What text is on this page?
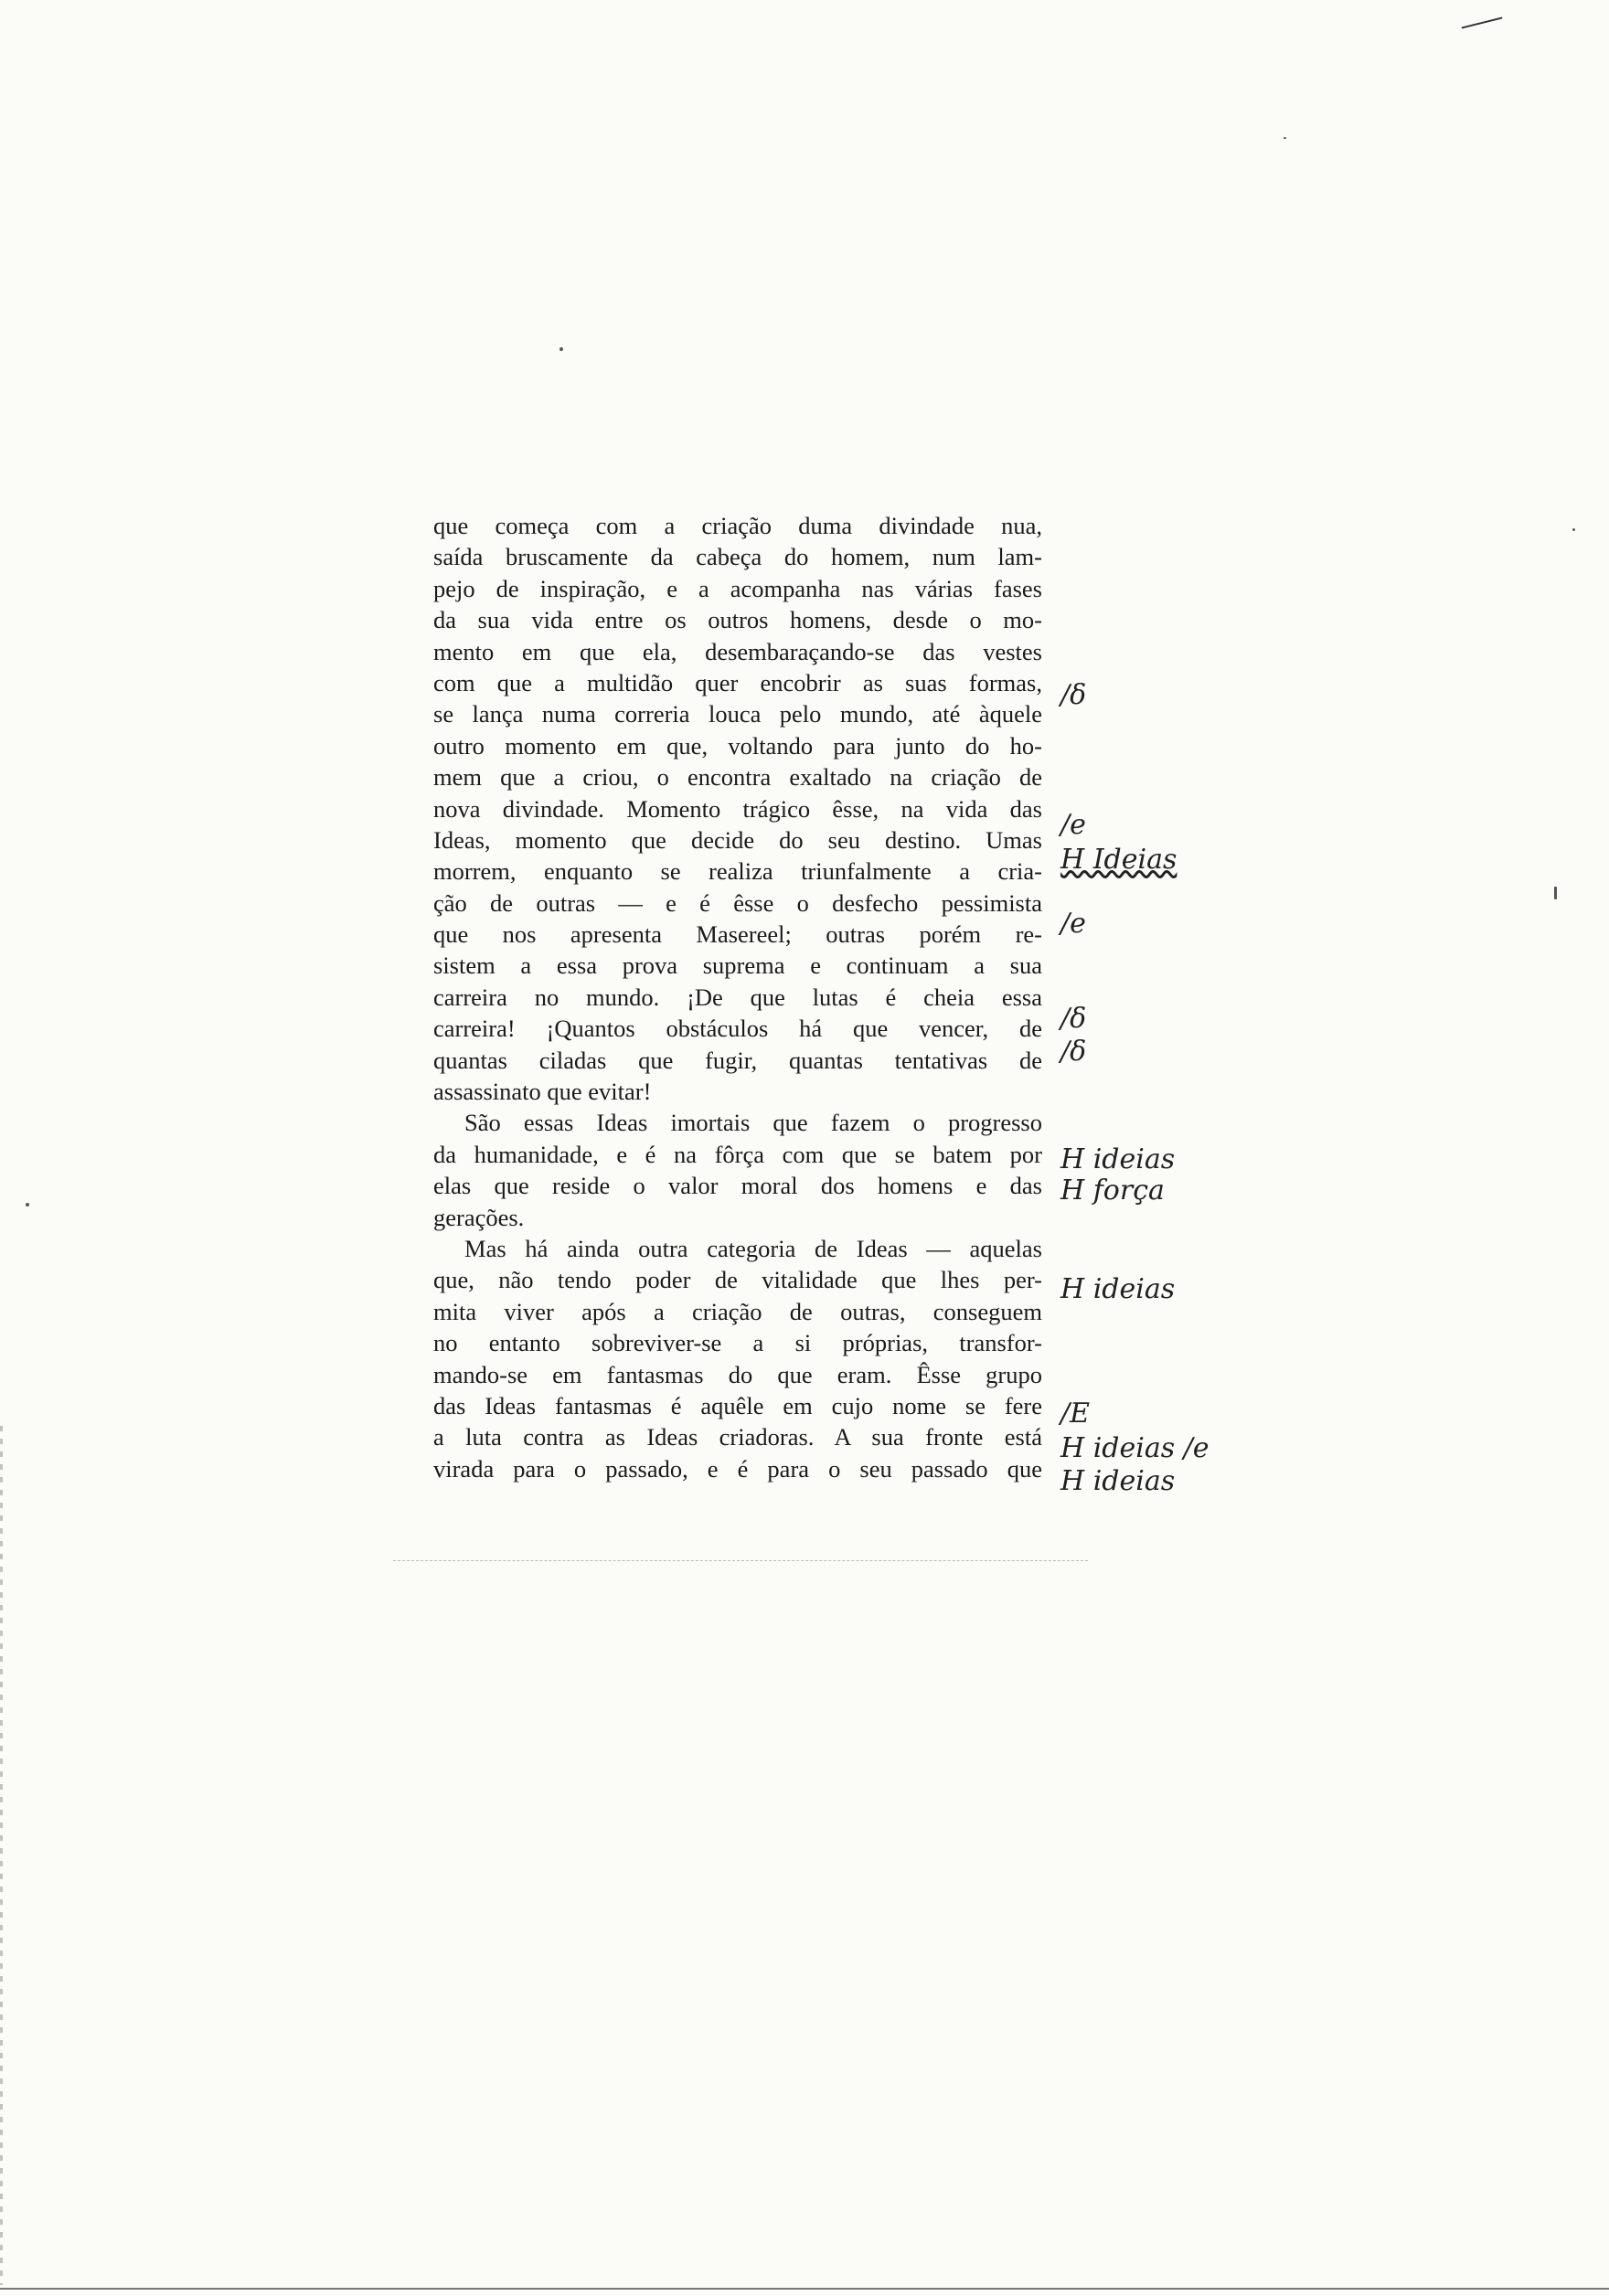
que começa com a criação duma divindade nua,
saída bruscamente da cabeça do homem, num lam-
pejo de inspiração, e a acompanha nas várias fases
da sua vida entre os outros homens, desde o mo-
mento em que ela, desembaraçando-se das vestes
com que a multidão quer encobrir as suas formas,
se lança numa correria louca pelo mundo, até àquele
outro momento em que, voltando para junto do ho-
mem que a criou, o encontra exaltado na criação de
nova divindade. Momento trágico êsse, na vida das
Ideas, momento que decide do seu destino. Umas
morrem, enquanto se realiza triunfalmente a cria-
ção de outras — e é êsse o desfecho pessimista
que nos apresenta Masereel; outras porém re-
sistem a essa prova suprema e continuam a sua
carreira no mundo. ¡De que lutas é cheia essa
carreira! ¡Quantos obstáculos há que vencer, de
quantas ciladas que fugir, quantas tentativas de
assassinato que evitar!
São essas Ideas imortais que fazem o progresso
da humanidade, e é na fôrça com que se batem por
elas que reside o valor moral dos homens e das
gerações.
Mas há ainda outra categoria de Ideas — aquelas
que, não tendo poder de vitalidade que lhes per-
mita viver após a criação de outras, conseguem
no entanto sobreviver-se a si próprias, transfor-
mando-se em fantasmas do que eram. Êsse grupo
das Ideas fantasmas é aquêle em cujo nome se fere
a luta contra as Ideas criadoras. A sua fronte está
virada para o passado, e é para o seu passado que
/δ
/e
H Ideias
/e
/δ
/δ
H ideias
H força
H ideias
/E
H ideias /e
H ideias
